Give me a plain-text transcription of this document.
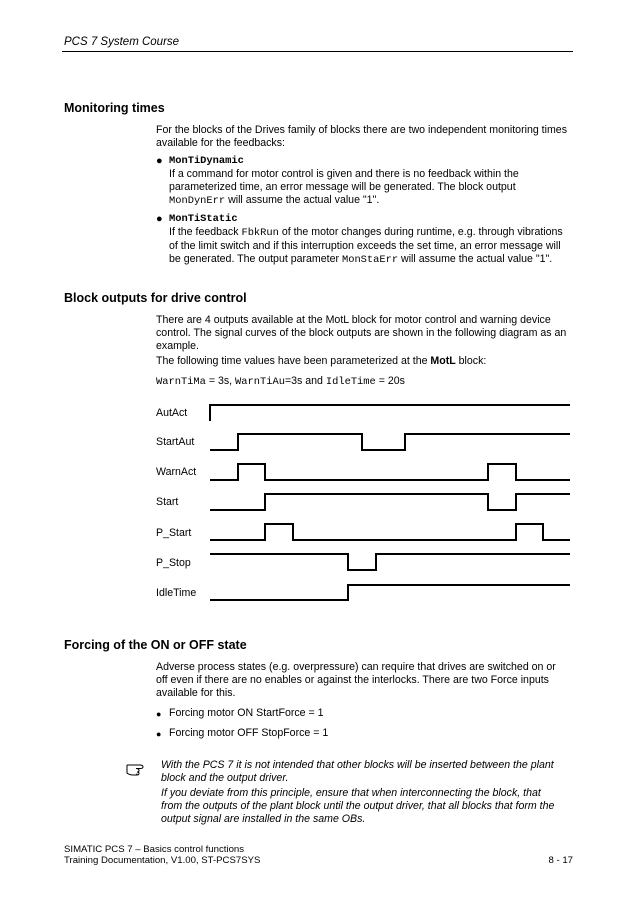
PCS 7 System Course
Monitoring times
For the blocks of the Drives family of blocks there are two independent monitoring times
available for the feedbacks:
● MonTiDynamic
If a command for motor control is given and there is no feedback within the
parameterized time, an error message will be generated. The block output
MonDynErr will assume the actual value "1".
● MonTiStatic
If the feedback FbkRun of the motor changes during runtime, e.g. through vibrations
of the limit switch and if this interruption exceeds the set time, an error message will
be generated. The output parameter MonStaErr will assume the actual value "1".
Block outputs for drive control
There are 4 outputs available at the MotL block for motor control and warning device
control. The signal curves of the block outputs are shown in the following diagram as an
example.
The following time values have been parameterized at the MotL block:
WarnTiMa = 3s, WarnTiAu=3s and IdleTime = 20s
AutAct
StartAut
WarnAct
Start
P_Start
P_Stop
IdleTime
Forcing of the ON or OFF state
Adverse process states (e.g. overpressure) can require that drives are switched on or
off even if there are no enables or against the interlocks. There are two Force inputs
available for this.
● Forcing motor ON StartForce = 1
● Forcing motor OFF StopForce = 1
With the PCS 7 it is not intended that other blocks will be inserted between the plant
block and the output driver.
If you deviate from this principle, ensure that when interconnecting the block, that
from the outputs of the plant block until the output driver, that all blocks that form the
output signal are installed in the same OBs.
SIMATIC PCS 7 – Basics control functions
Training Documentation, V1.00, ST-PCS7SYS	8 - 17
